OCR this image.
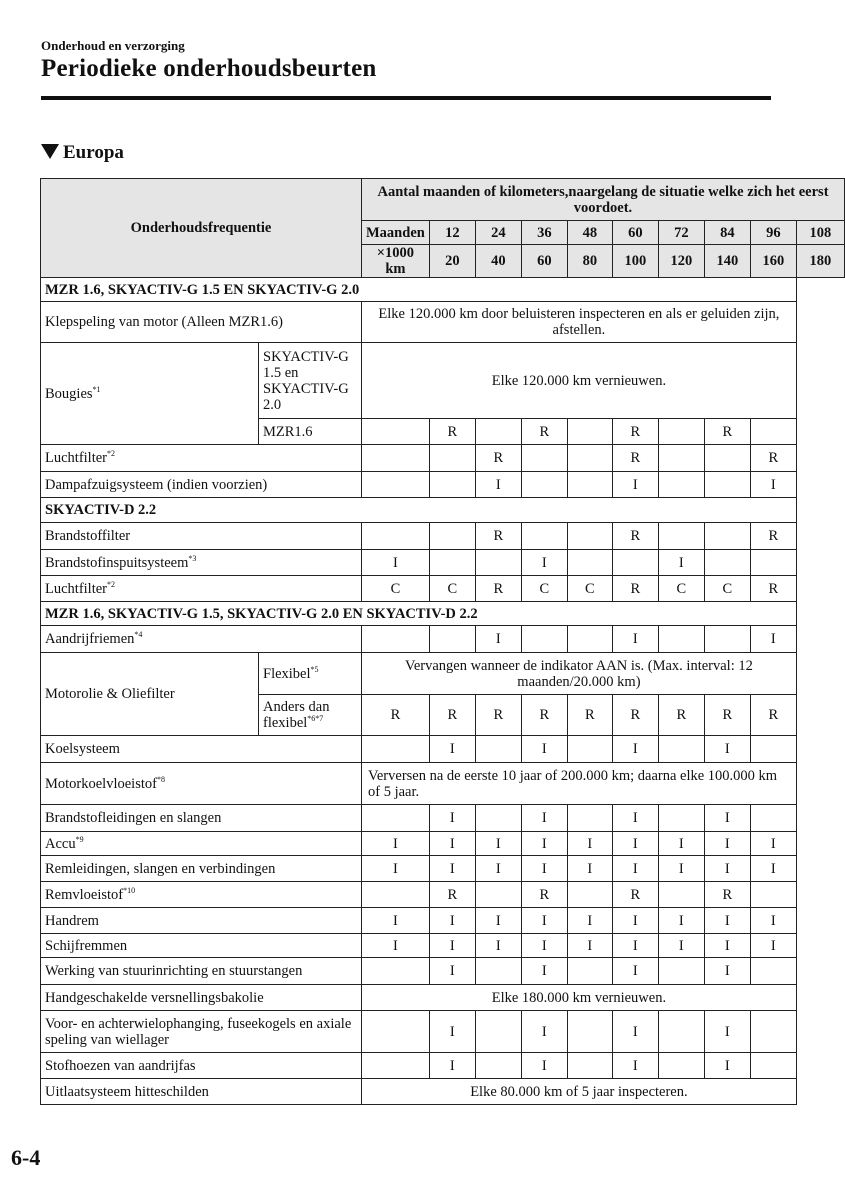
Onderhoud en verzorging
Periodieke onderhoudsbeurten
Europa
Onderhoudsfrequentie		Aantal maanden of kilometers,naargelang de situatie welke zich het eerst voordoet.									
		Maanden	12	24	36	48	60	72	84	96	108
		×1000 km	20	40	60	80	100	120	140	160	180
MZR 1.6, SKYACTIV-G 1.5 EN SKYACTIV-G 2.0											
Klepspeling van motor (Alleen MZR1.6)		Elke 120.000 km door beluisteren inspecteren en als er geluiden zijn, afstellen.									
Bougies$^{*1}$	SKYACTIV-G 1.5 en SKYACTIV-G 2.0	Elke 120.000 km vernieuwen.									
	MZR1.6		R		R		R		R		
Luchtfilter$^{*2}$				R			R			R	
Dampafzuigsysteem (indien voorzien)				I			I			I	
SKYACTIV-D 2.2											
Brandstoffilter				R			R			R	
Brandstofinspuitsysteem$^{*3}$		I			I			I			
Luchtfilter$^{*2}$		C	C	R	C	C	R	C	C	R	
MZR 1.6, SKYACTIV-G 1.5, SKYACTIV-G 2.0 EN SKYACTIV-D 2.2											
Aandrijfriemen$^{*4}$				I			I			I	
Motorolie & Oliefilter	Flexibel$^{*5}$	Vervangen wanneer de indikator AAN is. (Max. interval: 12 maanden/20.000 km)									
	Anders dan flexibel$^{*6*7}$	R	R	R	R	R	R	R	R	R	
Koelsysteem			I		I		I		I		
Motorkoelvloeistof$^{*8}$		Verversen na de eerste 10 jaar of 200.000 km; daarna elke 100.000 km of 5 jaar.									
Brandstofleidingen en slangen			I		I		I		I		
Accu$^{*9}$		I	I	I	I	I	I	I	I	I	
Remleidingen, slangen en verbindingen		I	I	I	I	I	I	I	I	I	
Remvloeistof$^{*10}$			R		R		R		R		
Handrem		I	I	I	I	I	I	I	I	I	
Schijfremmen		I	I	I	I	I	I	I	I	I	
Werking van stuurinrichting en stuurstangen			I		I		I		I		
Handgeschakelde versnellingsbakolie		Elke 180.000 km vernieuwen.									
Voor- en achterwielophanging, fuseekogels en axiale speling van wiellager			I		I		I		I		
Stofhoezen van aandrijfas			I		I		I		I		
Uitlaatsysteem hitteschilden		Elke 80.000 km of 5 jaar inspecteren.									
6-4
